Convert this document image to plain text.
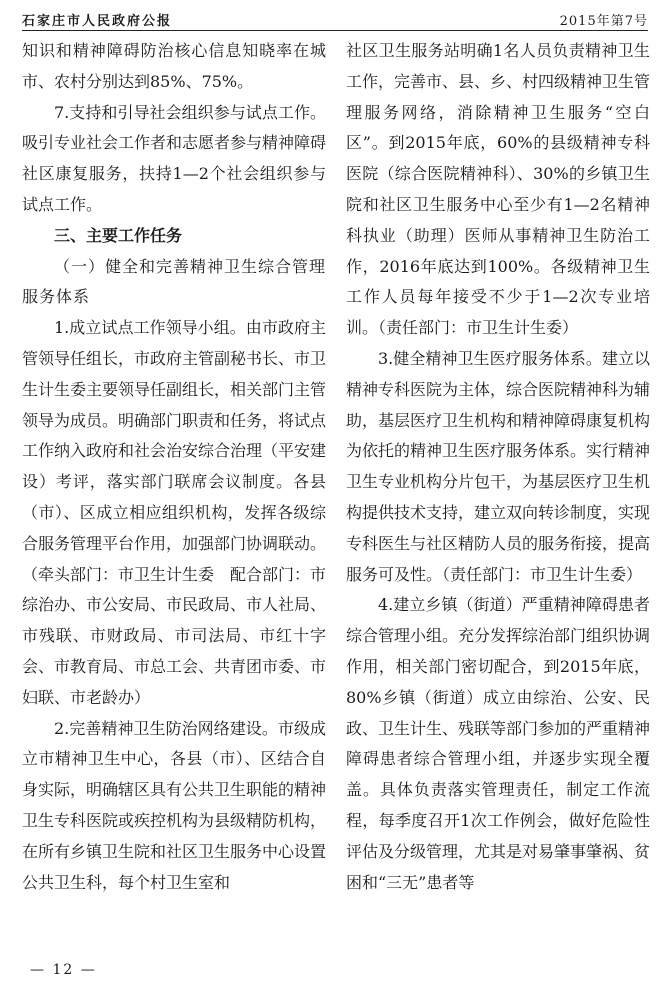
石家庄市人民政府公报	2015年第7号

知识和精神障碍防治核心信息知晓率在城市、农村分别达到85%、75%。

7.支持和引导社会组织参与试点工作。吸引专业社会工作者和志愿者参与精神障碍社区康复服务，扶持1—2个社会组织参与试点工作。

三、主要工作任务

（一）健全和完善精神卫生综合管理服务体系

1.成立试点工作领导小组。由市政府主管领导任组长，市政府主管副秘书长、市卫生计生委主要领导任副组长，相关部门主管领导为成员。明确部门职责和任务，将试点工作纳入政府和社会治安综合治理（平安建设）考评，落实部门联席会议制度。各县（市）、区成立相应组织机构，发挥各级综合服务管理平台作用，加强部门协调联动。（牵头部门：市卫生计生委　配合部门：市综治办、市公安局、市民政局、市人社局、市残联、市财政局、市司法局、市红十字会、市教育局、市总工会、共青团市委、市妇联、市老龄办）

2.完善精神卫生防治网络建设。市级成立市精神卫生中心，各县（市）、区结合自身实际，明确辖区具有公共卫生职能的精神卫生专科医院或疾控机构为县级精防机构，在所有乡镇卫生院和社区卫生服务中心设置公共卫生科，每个村卫生室和

社区卫生服务站明确1名人员负责精神卫生工作，完善市、县、乡、村四级精神卫生管理服务网络，消除精神卫生服务“空白区”。到2015年底，60%的县级精神专科医院（综合医院精神科）、30%的乡镇卫生院和社区卫生服务中心至少有1—2名精神科执业（助理）医师从事精神卫生防治工作，2016年底达到100%。各级精神卫生工作人员每年接受不少于1—2次专业培训。（责任部门：市卫生计生委）

3.健全精神卫生医疗服务体系。建立以精神专科医院为主体，综合医院精神科为辅助，基层医疗卫生机构和精神障碍康复机构为依托的精神卫生医疗服务体系。实行精神卫生专业机构分片包干，为基层医疗卫生机构提供技术支持，建立双向转诊制度，实现专科医生与社区精防人员的服务衔接，提高服务可及性。（责任部门：市卫生计生委）

4.建立乡镇（街道）严重精神障碍患者综合管理小组。充分发挥综治部门组织协调作用，相关部门密切配合，到2015年底，80%乡镇（街道）成立由综治、公安、民政、卫生计生、残联等部门参加的严重精神障碍患者综合管理小组，并逐步实现全覆盖。具体负责落实管理责任，制定工作流程，每季度召开1次工作例会，做好危险性评估及分级管理，尤其是对易肇事肇祸、贫困和“三无”患者等

— 12 —
